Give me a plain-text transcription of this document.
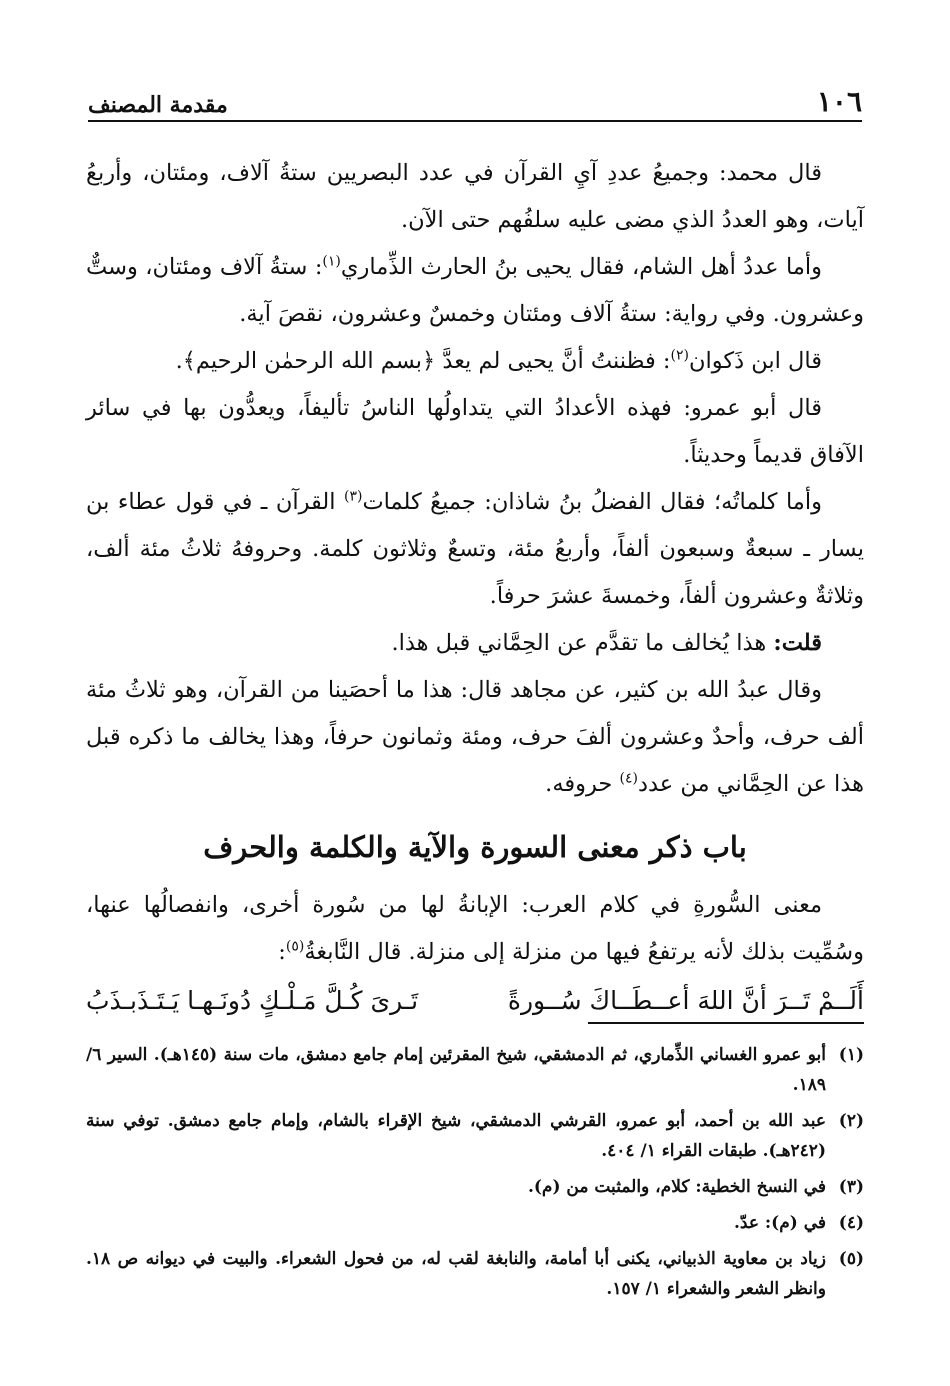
١٠٦
مقدمة المصنف

قال محمد: وجميعُ عددِ آيِ القرآن في عدد البصريين ستةُ آلاف، ومئتان، وأربعُ آيات، وهو العددُ الذي مضى عليه سلفُهم حتى الآن.

وأما عددُ أهل الشام، فقال يحيى بنُ الحارث الذِّماري$^{(١)}$: ستةُ آلاف ومئتان، وستٌّ وعشرون. وفي رواية: ستةُ آلاف ومئتان وخمسٌ وعشرون، نقصَ آية.

قال ابن ذَكوان$^{(٢)}$: فظننتُ أنَّ يحيى لم يعدَّ ﴿بسم الله الرحمٰن الرحيم﴾.

قال أبو عمرو: فهذه الأعدادُ التي يتداولُها الناسُ تأليفاً، ويعدُّون بها في سائر الآفاق قديماً وحديثاً.

وأما كلماتُه؛ فقال الفضلُ بنُ شاذان: جميعُ كلمات$^{(٣)}$ القرآن ـ في قول عطاء بن يسار ـ سبعةٌ وسبعون ألفاً، وأربعُ مئة، وتسعٌ وثلاثون كلمة. وحروفهُ ثلاثُ مئة ألف، وثلاثةٌ وعشرون ألفاً، وخمسةَ عشرَ حرفاً.

قلت: هذا يُخالف ما تقدَّم عن الحِمَّاني قبل هذا.

وقال عبدُ الله بن كثير، عن مجاهد قال: هذا ما أحصَينا من القرآن، وهو ثلاثُ مئة ألف حرف، وأحدٌ وعشرون ألفَ حرف، ومئة وثمانون حرفاً، وهذا يخالف ما ذكره قبل هذا عن الحِمَّاني من عدد$^{(٤)}$ حروفه.

باب ذكر معنى السورة والآية والكلمة والحرف

معنى السُّورةِ في كلام العرب: الإبانةُ لها من سُورة أخرى، وانفصالُها عنها، وسُمِّيت بذلك لأنه يرتفعُ فيها من منزلة إلى منزلة. قال النَّابغةُ$^{(٥)}$:

أَلَــمْ تَــرَ أنَّ اللهَ أعــطَــاكَ سُــورةً
تَـرىَ كُـلَّ مَـلْـكٍ دُونَـهـا يَـتَـذَبـذَبُ
(١)
أبو عمرو الغساني الذِّماري، ثم الدمشقي، شيخ المقرئين إمام جامع دمشق، مات سنة (١٤٥هـ). السير ٦/ ١٨٩.
(٢)
عبد الله بن أحمد، أبو عمرو، القرشي الدمشقي، شيخ الإقراء بالشام، وإمام جامع دمشق. توفي سنة (٢٤٢هـ). طبقات القراء ١/ ٤٠٤.
(٣)
في النسخ الخطية: كلام، والمثبت من (م).
(٤)
في (م): عدّ.
(٥)
زياد بن معاوية الذبياني، يكنى أبا أمامة، والنابغة لقب له، من فحول الشعراء. والبيت في ديوانه ص ١٨. وانظر الشعر والشعراء ١/ ١٥٧.
